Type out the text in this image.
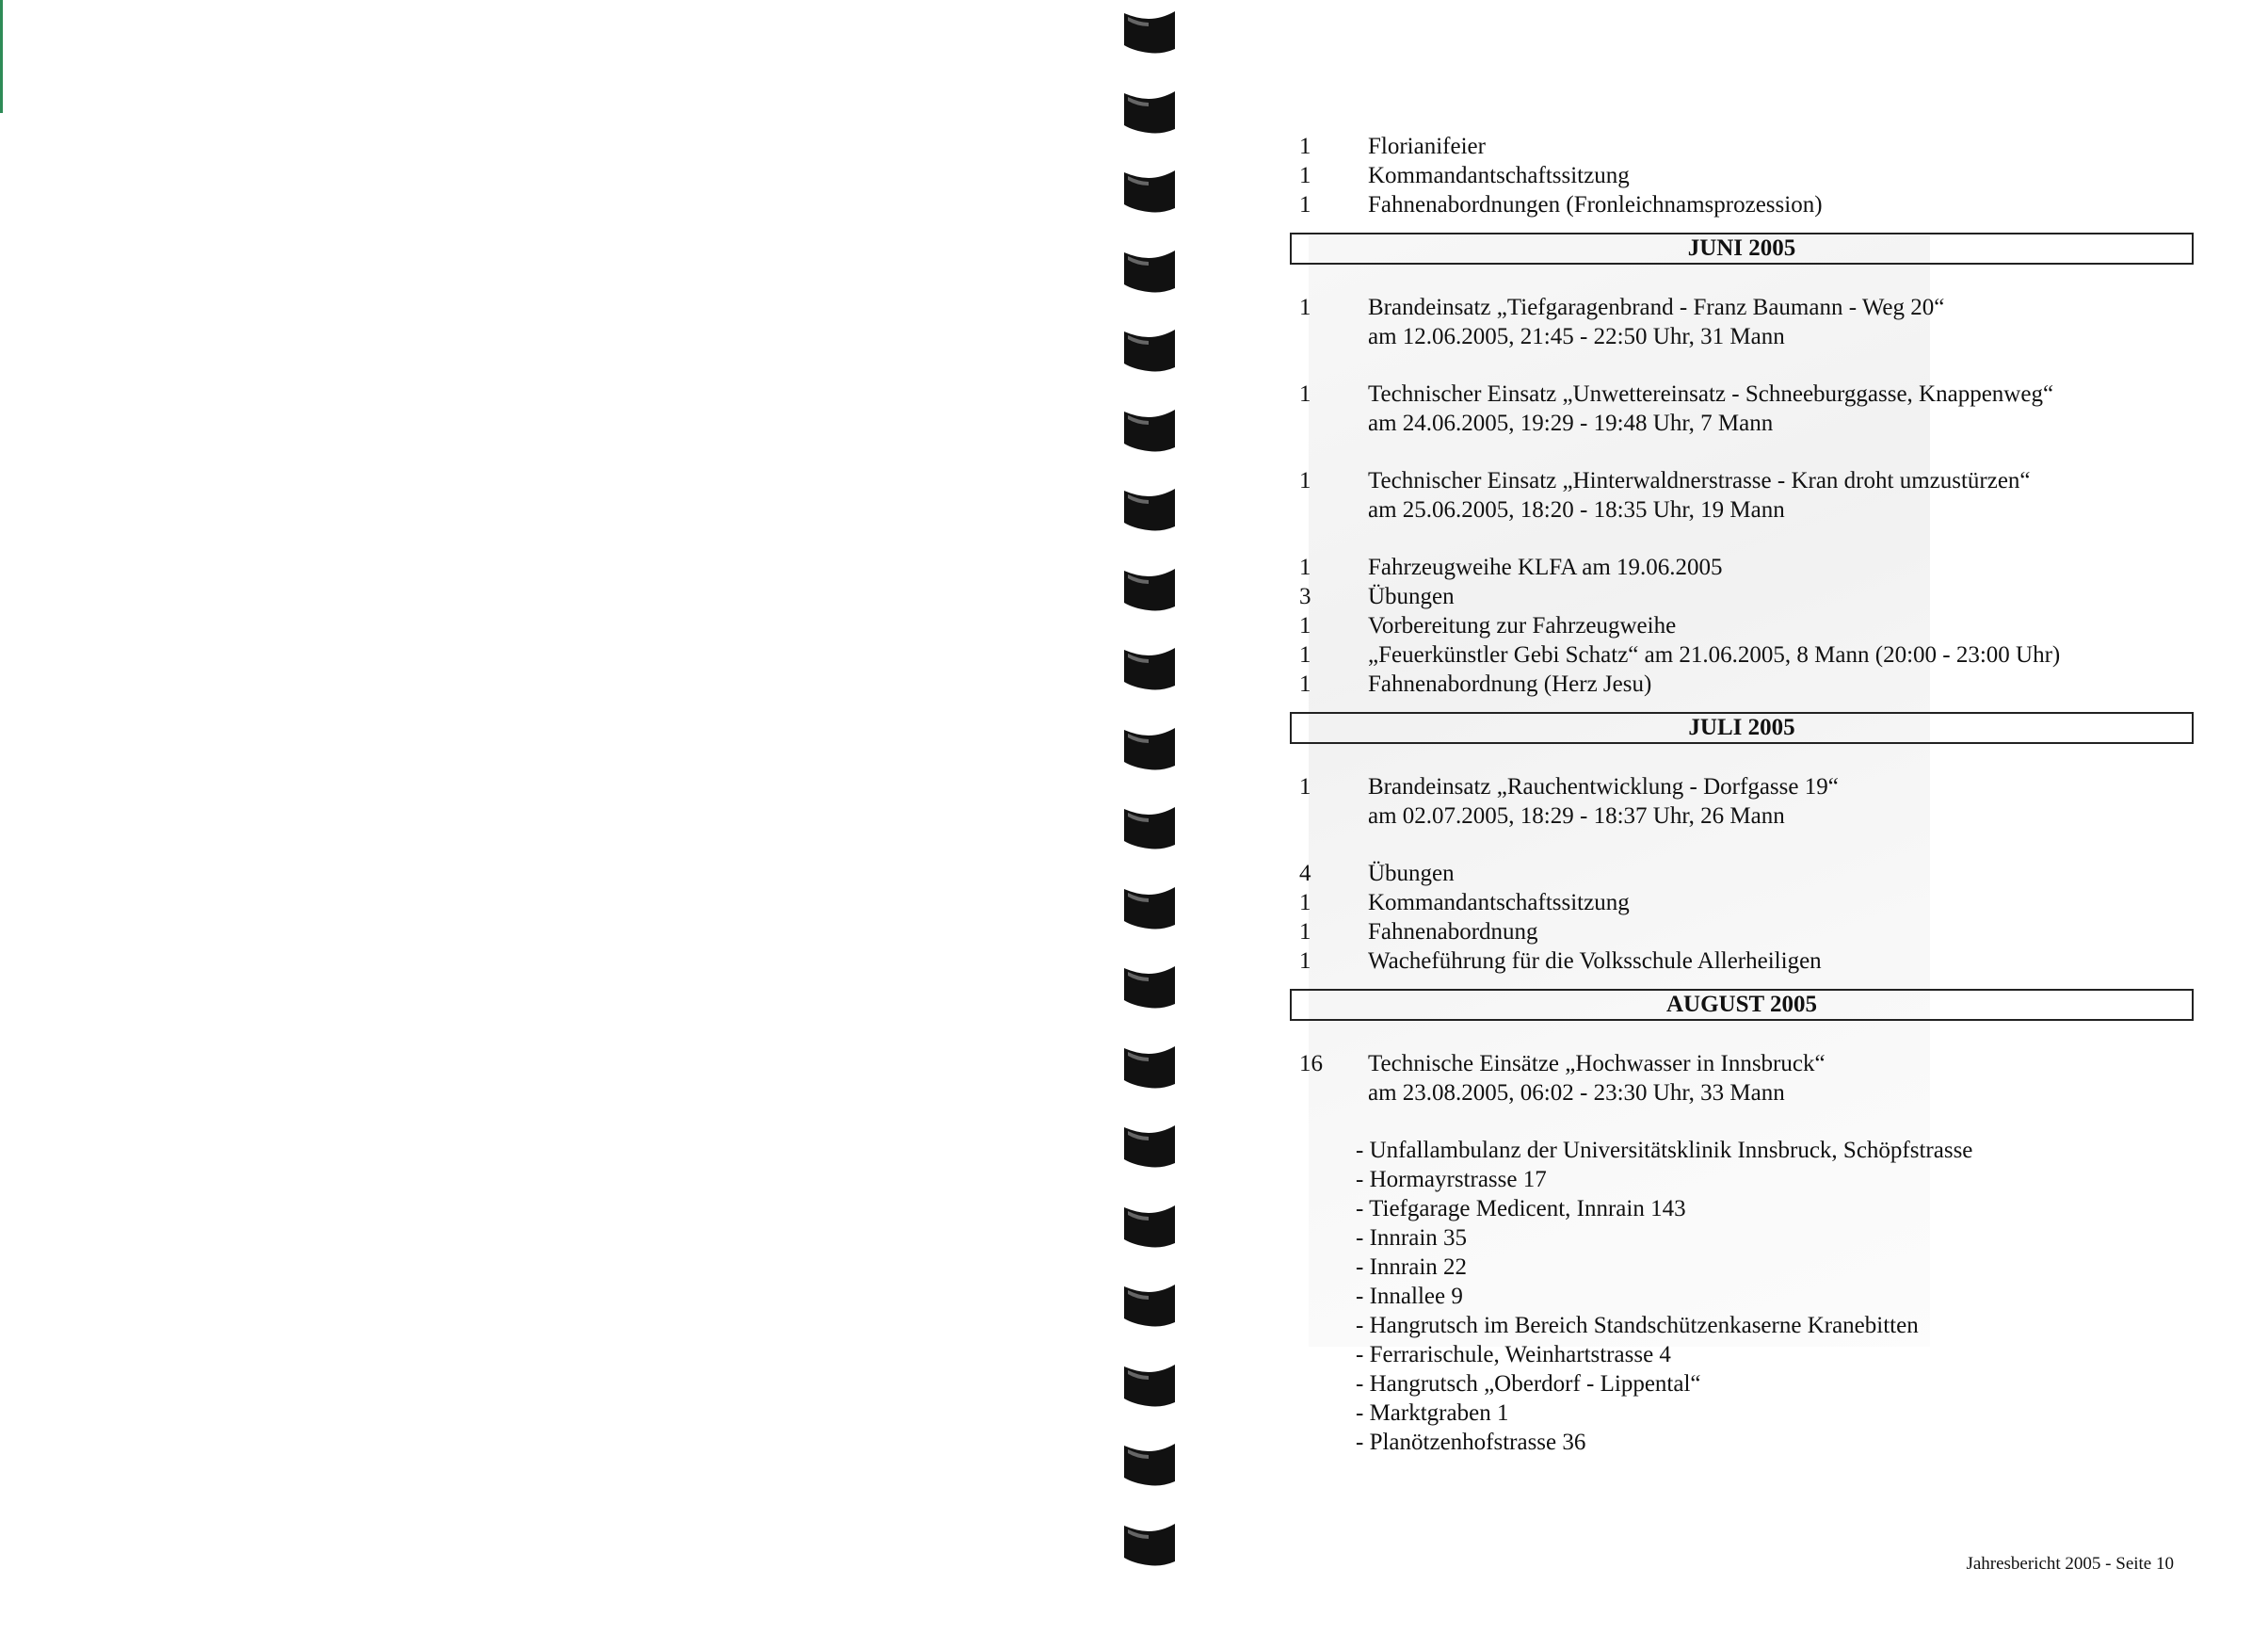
1	Florianifeier
1	Kommandantschaftssitzung
1	Fahnenabordnungen (Fronleichnamsprozession)
JUNI 2005
1	Brandeinsatz „Tiefgaragenbrand - Franz Baumann - Weg 20“
am 12.06.2005, 21:45 - 22:50 Uhr, 31 Mann
1	Technischer Einsatz „Unwettereinsatz - Schneeburggasse, Knappenweg“
am 24.06.2005, 19:29 - 19:48 Uhr, 7 Mann
1	Technischer Einsatz „Hinterwaldnerstrasse - Kran droht umzustürzen“
am 25.06.2005, 18:20 - 18:35 Uhr, 19 Mann
1	Fahrzeugweihe KLFA am 19.06.2005
3	Übungen
1	Vorbereitung zur Fahrzeugweihe
1	„Feuerkünstler Gebi Schatz“ am 21.06.2005, 8 Mann (20:00 - 23:00 Uhr)
1	Fahnenabordnung (Herz Jesu)
JULI 2005
1	Brandeinsatz „Rauchentwicklung - Dorfgasse 19“
am 02.07.2005, 18:29 - 18:37 Uhr, 26 Mann
4	Übungen
1	Kommandantschaftssitzung
1	Fahnenabordnung
1	Wacheführung für die Volksschule Allerheiligen
AUGUST 2005
16	Technische Einsätze „Hochwasser in Innsbruck“
am 23.08.2005, 06:02 - 23:30 Uhr, 33 Mann
- Unfallambulanz der Universitätsklinik Innsbruck, Schöpfstrasse
- Hormayrstrasse 17
- Tiefgarage Medicent, Innrain 143
- Innrain 35
- Innrain 22
- Innallee 9
- Hangrutsch im Bereich Standschützenkaserne Kranebitten
- Ferrarischule, Weinhartstrasse 4
- Hangrutsch „Oberdorf - Lippental“
- Marktgraben 1
- Planötzenhofstrasse 36
Jahresbericht 2005 - Seite 10
